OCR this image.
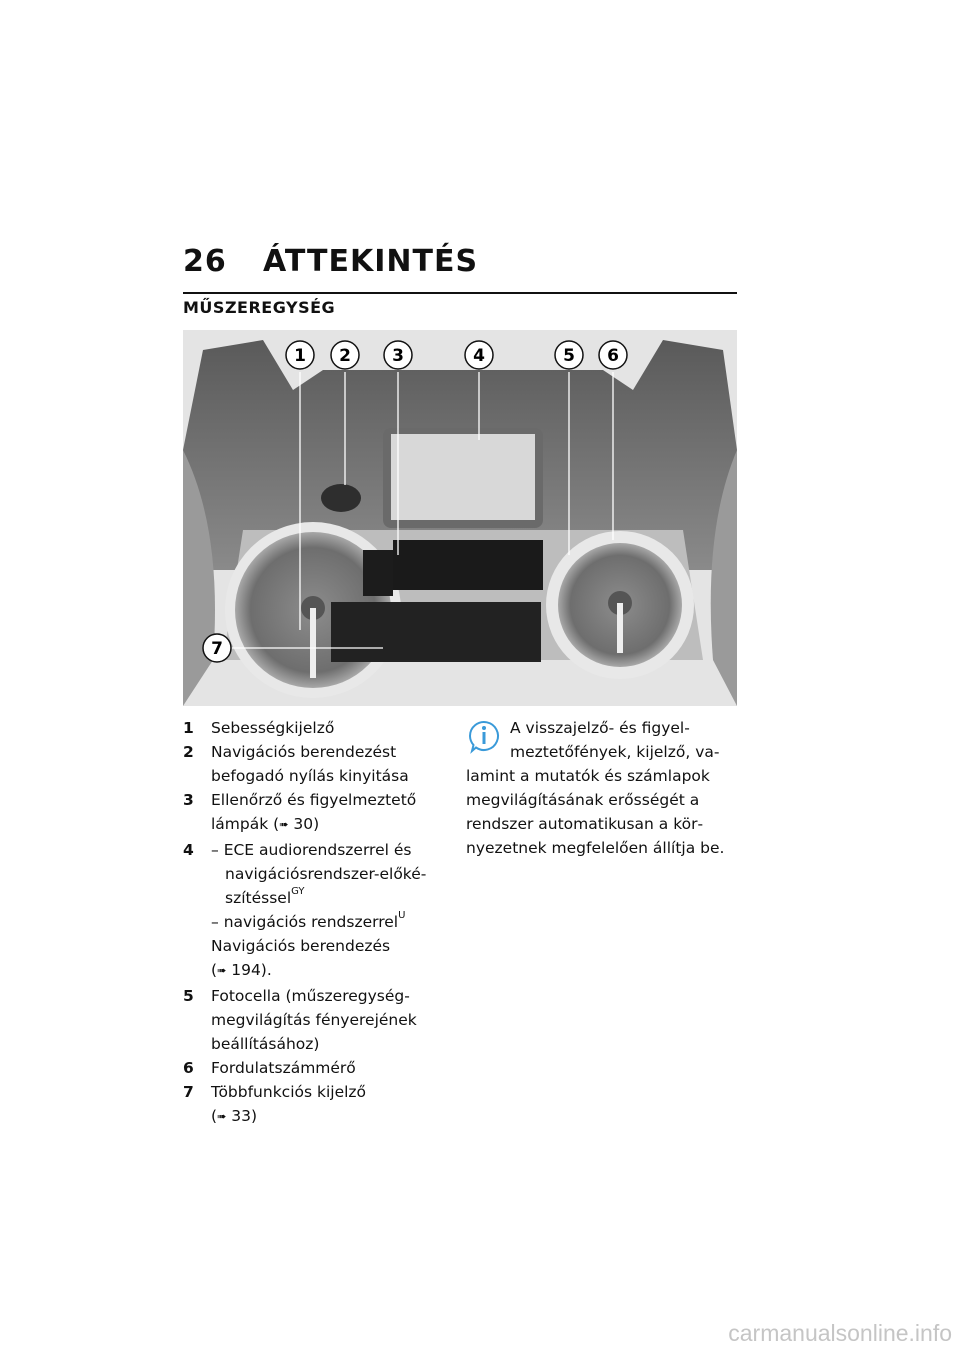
26 ÁTTEKINTÉS
MŰSZEREGYSÉG
1 2 3	4	5 6
7
1	Sebességkijelző
2	Navigációs berendezést befogadó nyílás kinyitása
3	Ellenőrző és figyelmeztető lámpák (➠ 30)
4	– ECE audiorendszerrel és navigációsrendszer-előkészítéssel$^{GY}$
– navigációs rendszerrel$^U$
Navigációs berendezés
(➠ 194).
5	Fotocella (műszeregység-megvilágítás fényerejének beállításához)
6	Fordulatszámmérő
7	Többfunkciós kijelző
(➠ 33)
A visszajelző- és figyelmeztetőfények, kijelző, valamint a mutatók és számlapok megvilágításának erősségét a rendszer automatikusan a környezetnek megfelelően állítja be.
carmanualsonline.info
